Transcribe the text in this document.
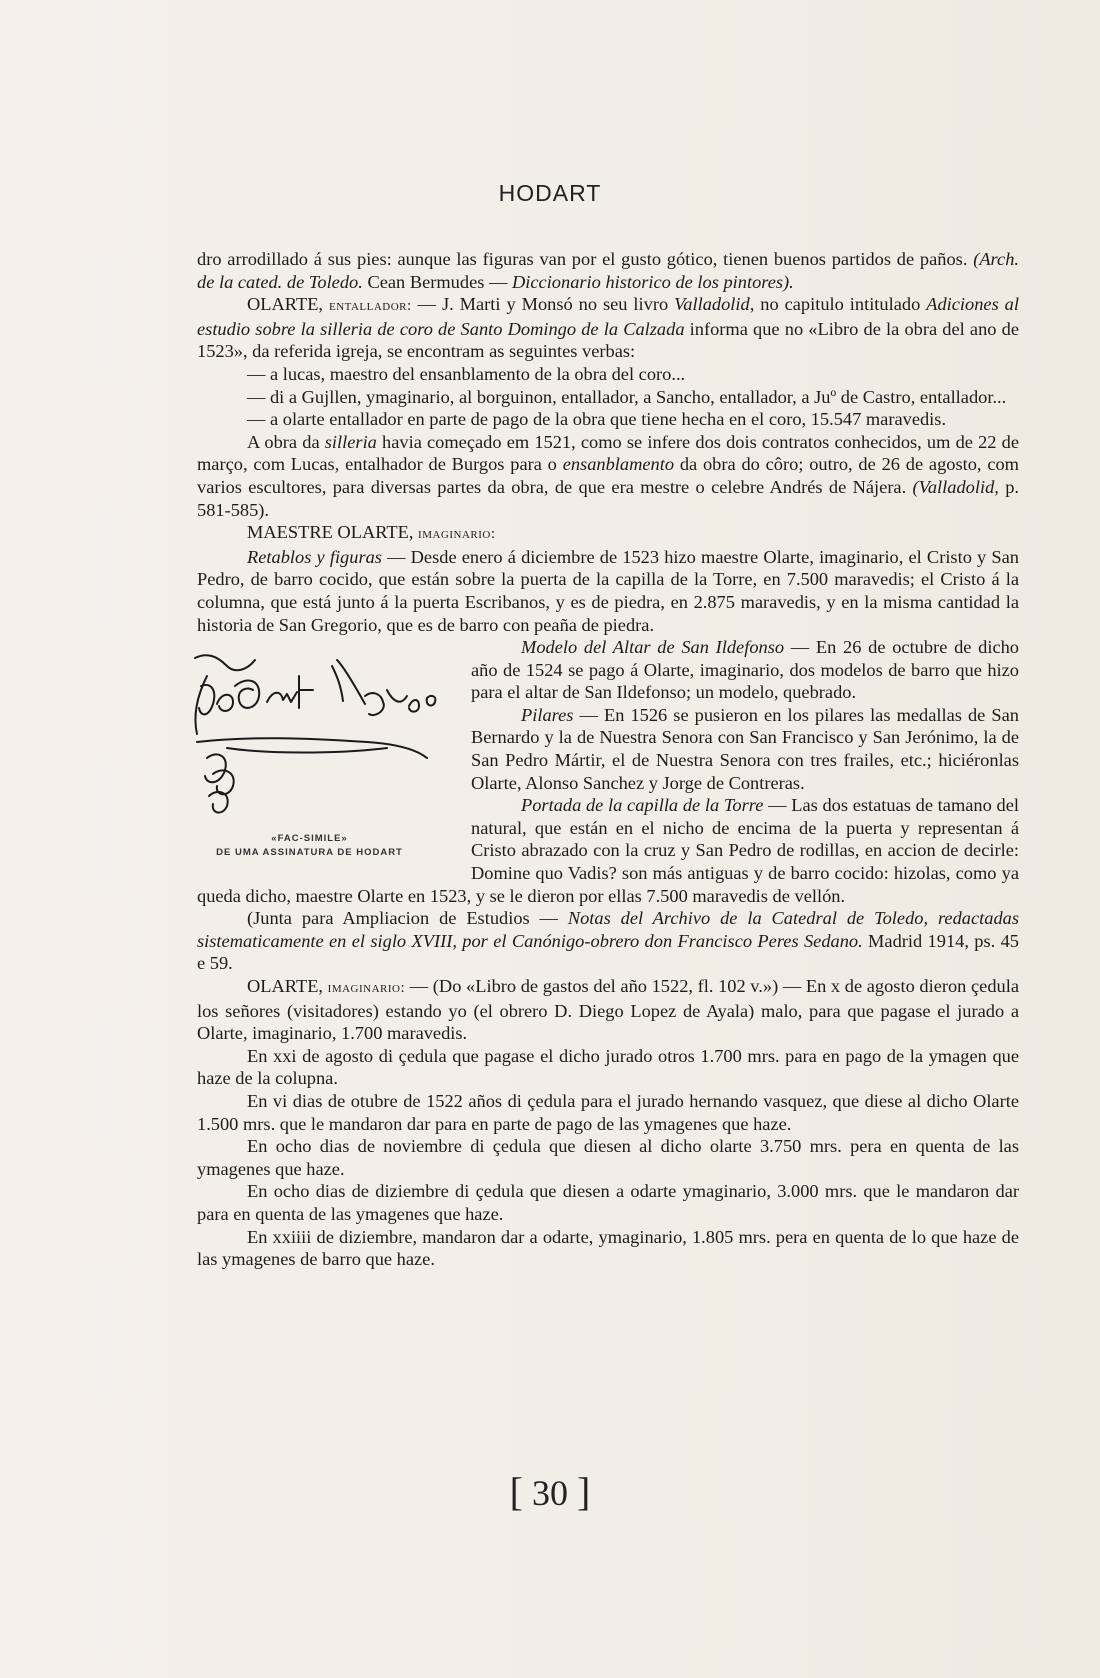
HODART

dro arrodillado á sus pies: aunque las figuras van por el gusto gótico, tienen buenos partidos de paños. (Arch. de la cated. de Toledo. Cean Bermudes — Diccionario historico de los pintores).

OLARTE, entallador: — J. Marti y Monsó no seu livro Valladolid, no capitulo intitulado Adiciones al estudio sobre la silleria de coro de Santo Domingo de la Calzada informa que no «Libro de la obra del ano de 1523», da referida igreja, se encontram as seguintes verbas:

— a lucas, maestro del ensanblamento de la obra del coro...

— di a Gujllen, ymaginario, al borguinon, entallador, a Sancho, entallador, a Juº de Castro, entallador...

— a olarte entallador en parte de pago de la obra que tiene hecha en el coro, 15.547 maravedis.

A obra da silleria havia começado em 1521, como se infere dos dois contratos conhecidos, um de 22 de março, com Lucas, entalhador de Burgos para o ensanblamento da obra do côro; outro, de 26 de agosto, com varios escultores, para diversas partes da obra, de que era mestre o celebre Andrés de Nájera. (Valladolid, p. 581-585).

MAESTRE OLARTE, imaginario:

Retablos y figuras — Desde enero á diciembre de 1523 hizo maestre Olarte, imaginario, el Cristo y San Pedro, de barro cocido, que están sobre la puerta de la capilla de la Torre, en 7.500 maravedis; el Cristo á la columna, que está junto á la puerta Escribanos, y es de piedra, en 2.875 maravedis, y en la misma cantidad la historia de San Gregorio, que es de barro con peaña de piedra.

«FAC-SIMILE»
DE UMA ASSINATURA DE HODART

Modelo del Altar de San Ildefonso — En 26 de octubre de dicho año de 1524 se pago á Olarte, imaginario, dos modelos de barro que hizo para el altar de San Ildefonso; un modelo, quebrado.

Pilares — En 1526 se pusieron en los pilares las medallas de San Bernardo y la de Nuestra Senora con San Francisco y San Jerónimo, la de San Pedro Mártir, el de Nuestra Senora con tres frailes, etc.; hiciéronlas Olarte, Alonso Sanchez y Jorge de Contreras.

Portada de la capilla de la Torre — Las dos estatuas de tamano del natural, que están en el nicho de encima de la puerta y representan á Cristo abrazado con la cruz y San Pedro de rodillas, en accion de decirle: Domine quo Vadis? son más antiguas y de barro cocido: hizolas, como ya queda dicho, maestre Olarte en 1523, y se le dieron por ellas 7.500 maravedis de vellón.

(Junta para Ampliacion de Estudios — Notas del Archivo de la Catedral de Toledo, redactadas sistematicamente en el siglo XVIII, por el Canónigo-obrero don Francisco Peres Sedano. Madrid 1914, ps. 45 e 59.

OLARTE, imaginario: — (Do «Libro de gastos del año 1522, fl. 102 v.») — En x de agosto dieron çedula los señores (visitadores) estando yo (el obrero D. Diego Lopez de Ayala) malo, para que pagase el jurado a Olarte, imaginario, 1.700 maravedis.

En xxi de agosto di çedula que pagase el dicho jurado otros 1.700 mrs. para en pago de la ymagen que haze de la colupna.

En vi dias de otubre de 1522 años di çedula para el jurado hernando vasquez, que diese al dicho Olarte 1.500 mrs. que le mandaron dar para en parte de pago de las ymagenes que haze.

En ocho dias de noviembre di çedula que diesen al dicho olarte 3.750 mrs. pera en quenta de las ymagenes que haze.

En ocho dias de diziembre di çedula que diesen a odarte ymaginario, 3.000 mrs. que le mandaron dar para en quenta de las ymagenes que haze.

En xxiiii de diziembre, mandaron dar a odarte, ymaginario, 1.805 mrs. pera en quenta de lo que haze de las ymagenes de barro que haze.

[ 30 ]
